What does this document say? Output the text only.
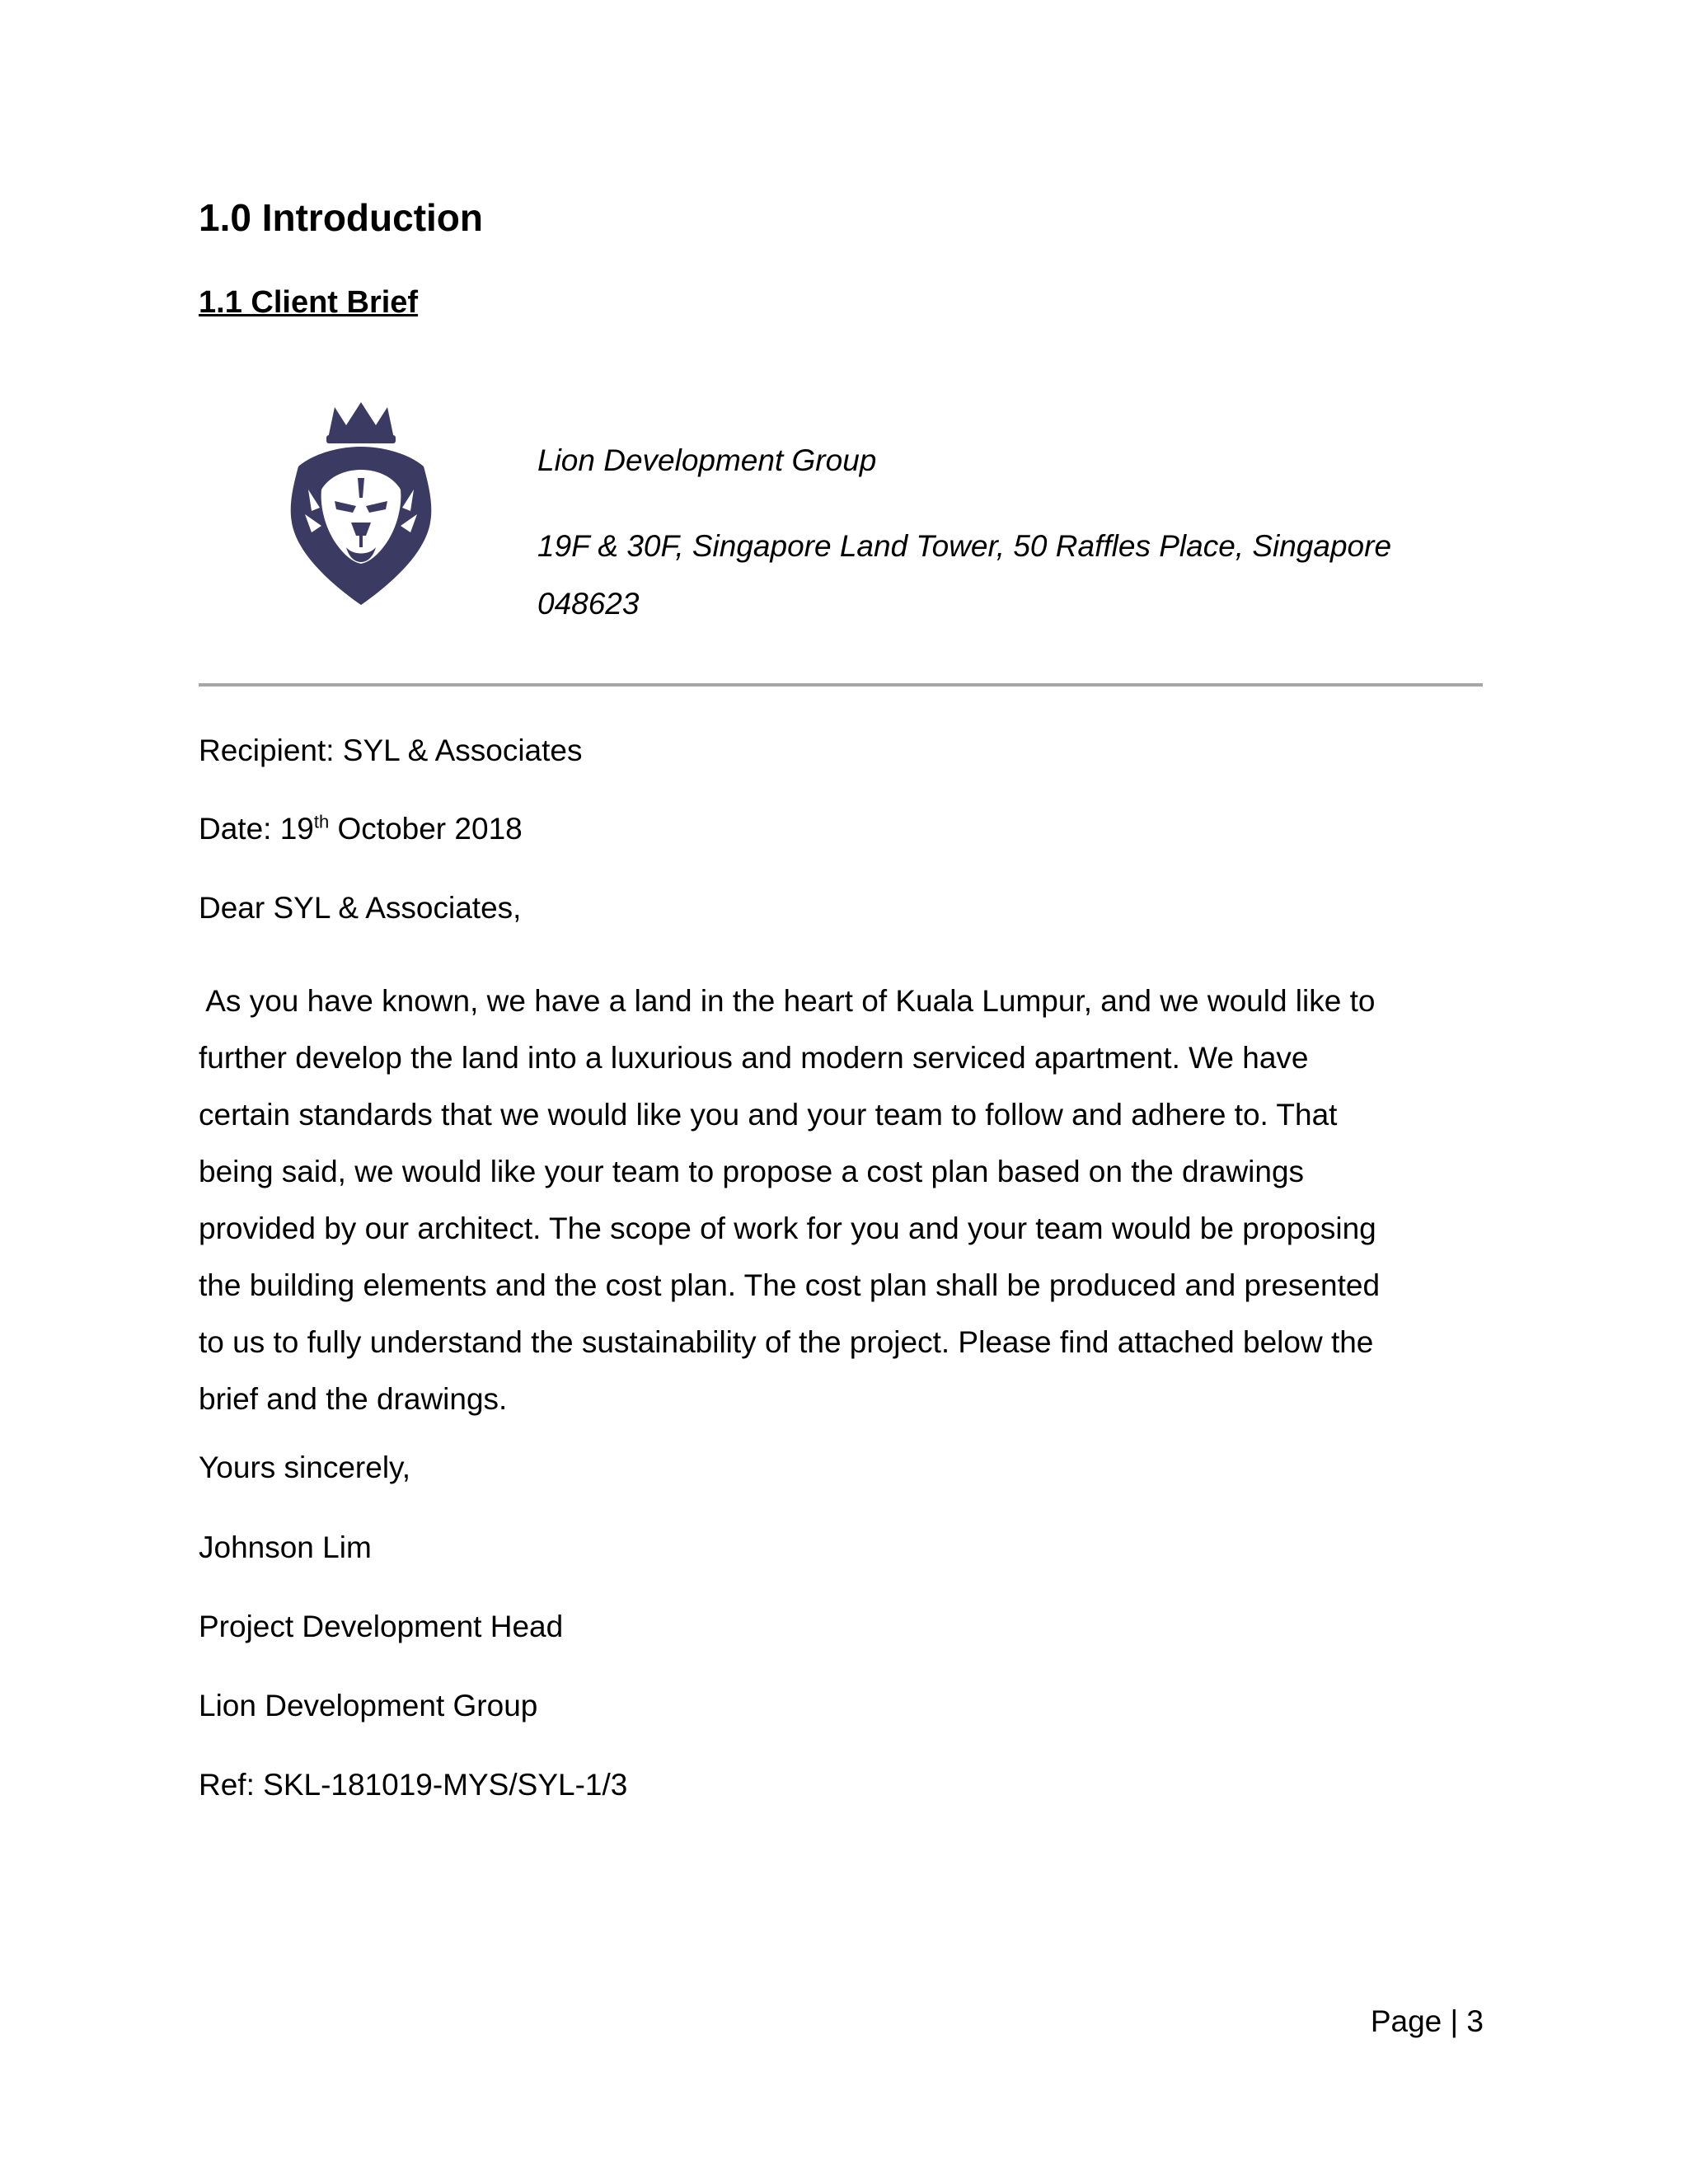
1.0 Introduction
1.1 Client Brief
Lion Development Group
19F & 30F, Singapore Land Tower, 50 Raffles Place, Singapore
048623
Recipient: SYL & Associates
Date: 19th October 2018
Dear SYL & Associates,
As you have known, we have a land in the heart of Kuala Lumpur, and we would like to
further develop the land into a luxurious and modern serviced apartment. We have
certain standards that we would like you and your team to follow and adhere to. That
being said, we would like your team to propose a cost plan based on the drawings
provided by our architect. The scope of work for you and your team would be proposing
the building elements and the cost plan. The cost plan shall be produced and presented
to us to fully understand the sustainability of the project. Please find attached below the
brief and the drawings.
Yours sincerely,
Johnson Lim
Project Development Head
Lion Development Group
Ref: SKL-181019-MYS/SYL-1/3
Page | 3
